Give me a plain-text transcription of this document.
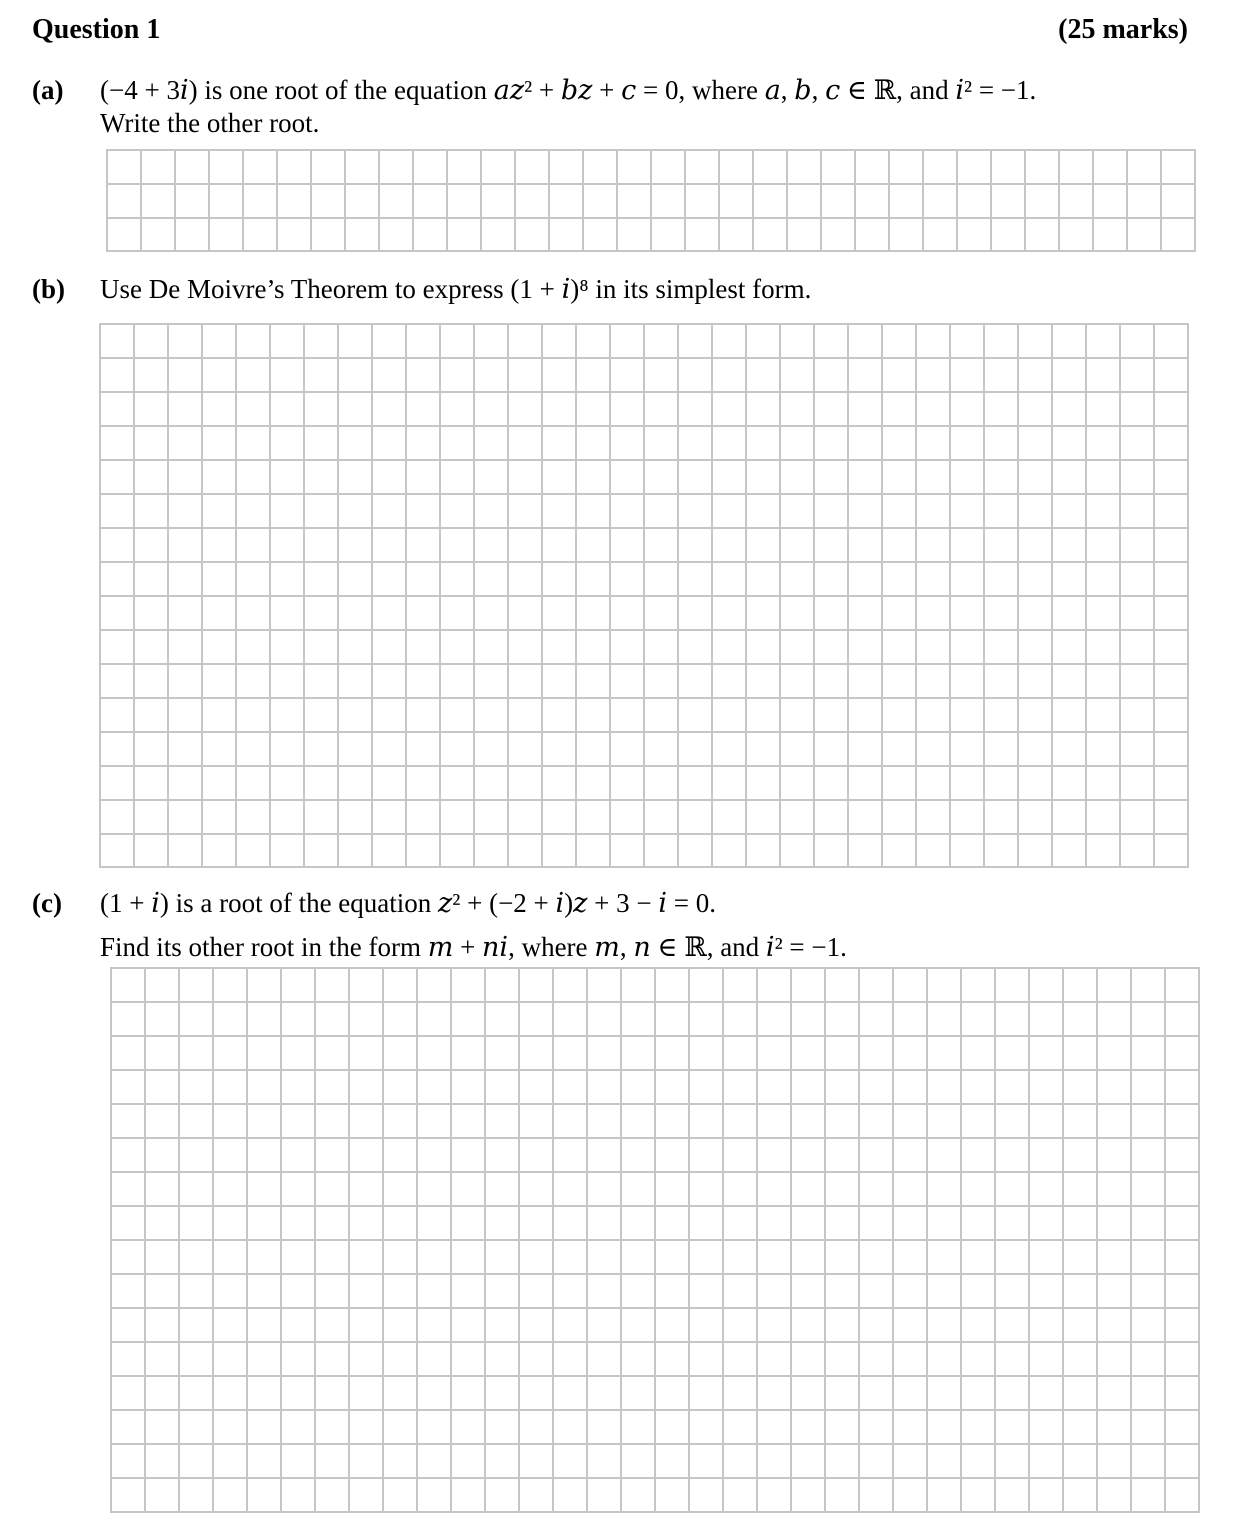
Question 1	(25 marks)
(a) (−4 + 3𝑖) is one root of the equation 𝑎𝑧² + 𝑏𝑧 + 𝑐 = 0, where 𝑎, 𝑏, 𝑐 ∈ ℝ, and 𝑖² = −1.
Write the other root.
(b) Use De Moivre’s Theorem to express (1 + 𝑖)⁸ in its simplest form.
(c) (1 + 𝑖) is a root of the equation 𝑧² + (−2 + 𝑖)𝑧 + 3 − 𝑖 = 0.
Find its other root in the form 𝑚 + 𝑛𝑖, where 𝑚, 𝑛 ∈ ℝ, and 𝑖² = −1.
